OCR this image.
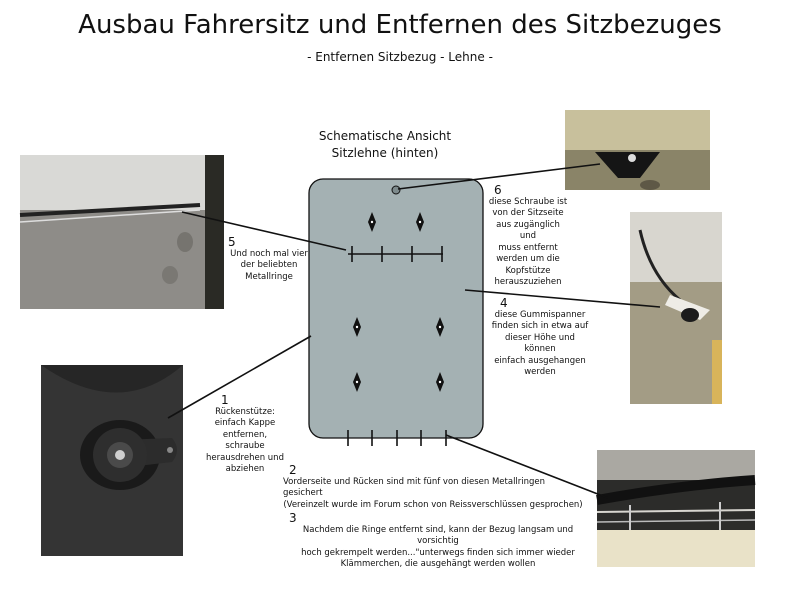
Ausbau Fahrersitz und Entfernen des Sitzbezuges
- Entfernen Sitzbezug - Lehne -
Schematische Ansicht
Sitzlehne (hinten)
5
Und noch mal vier
der beliebten
Metallringe
1
Rückenstütze:
einfach Kappe
entfernen,
schraube
herausdrehen und
abziehen
6
diese Schraube ist
von der Sitzseite
aus zugänglich und
muss entfernt
werden um die
Kopfstütze
herauszuziehen
4
diese Gummispanner
finden sich in etwa auf
dieser Höhe und können
einfach ausgehangen
werden
2
Vorderseite und Rücken sind mit fünf von diesen Metallringen gesichert
(Vereinzelt wurde im Forum schon von Reissverschlüssen gesprochen)
3
Nachdem die Ringe entfernt sind, kann der Bezug langsam und vorsichtig
hoch gekrempelt werden..."unterwegs finden sich immer wieder
Klämmerchen, die ausgehängt werden wollen
